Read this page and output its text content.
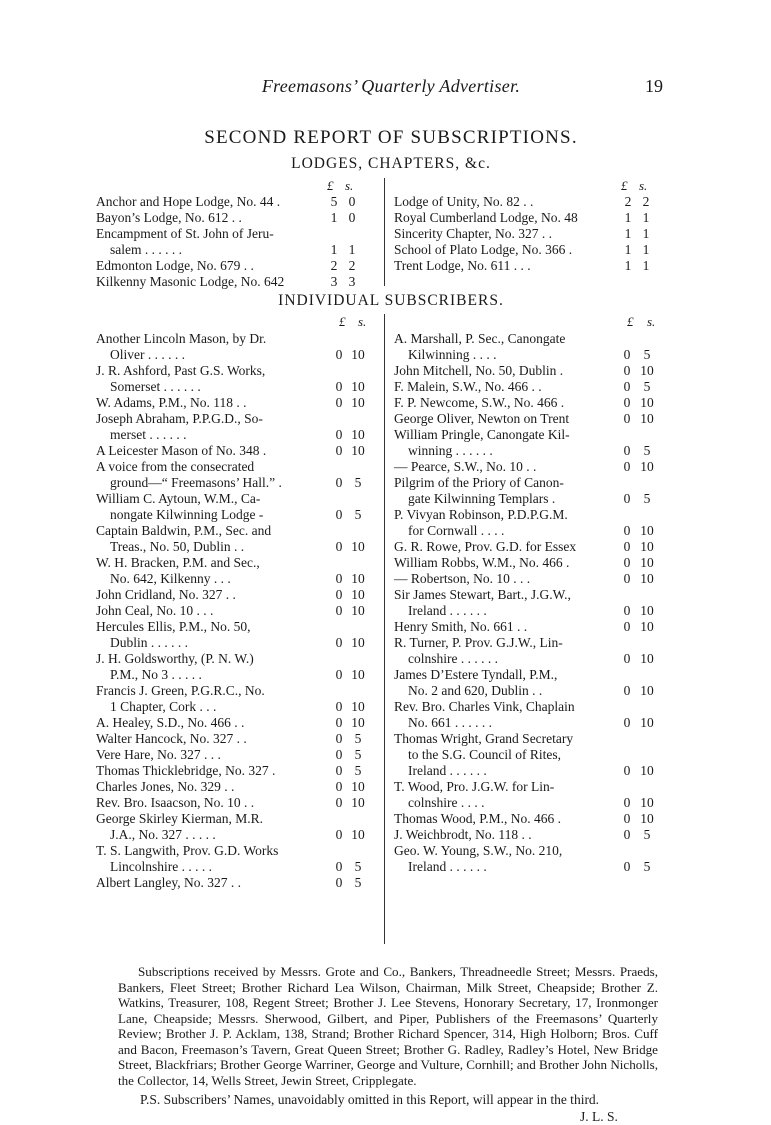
Freemasons’ Quarterly Advertiser.	19
SECOND REPORT OF SUBSCRIPTIONS.
LODGES, CHAPTERS, &c.
£ s.	£ s.
Anchor and Hope Lodge, No. 44 .	5 0
Bayon’s Lodge, No. 612 . .	1 0
Encampment of St. John of Jeru-
salem . . . . . .	1 1
Edmonton Lodge, No. 679 . .	2 2
Kilkenny Masonic Lodge, No. 642	3 3
Lodge of Unity, No. 82 . .	2 2
Royal Cumberland Lodge, No. 48	1 1
Sincerity Chapter, No. 327 . .	1 1
School of Plato Lodge, No. 366 .	1 1
Trent Lodge, No. 611 . . .	1 1
INDIVIDUAL SUBSCRIBERS.
£ s.	£ s.
Another Lincoln Mason, by Dr.
Oliver . . . . . .	0 10
J. R. Ashford, Past G.S. Works,
Somerset . . . . . .	0 10
W. Adams, P.M., No. 118 . .	0 10
Joseph Abraham, P.P.G.D., So-
merset . . . . . .	0 10
A Leicester Mason of No. 348 .	0 10
A voice from the consecrated
ground—“ Freemasons’ Hall.” .	0 5
William C. Aytoun, W.M., Ca-
nongate Kilwinning Lodge -	0 5
Captain Baldwin, P.M., Sec. and
Treas., No. 50, Dublin . .	0 10
W. H. Bracken, P.M. and Sec.,
No. 642, Kilkenny . . .	0 10
John Cridland, No. 327 . .	0 10
John Ceal, No. 10 . . .	0 10
Hercules Ellis, P.M., No. 50,
Dublin . . . . . .	0 10
J. H. Goldsworthy, (P. N. W.)
P.M., No 3 . . . . .	0 10
Francis J. Green, P.G.R.C., No.
1 Chapter, Cork . . .	0 10
A. Healey, S.D., No. 466 . .	0 10
Walter Hancock, No. 327 . .	0 5
Vere Hare, No. 327 . . .	0 5
Thomas Thicklebridge, No. 327 .	0 5
Charles Jones, No. 329 . .	0 10
Rev. Bro. Isaacson, No. 10 . .	0 10
George Skirley Kierman, M.R.
J.A., No. 327 . . . . .	0 10
T. S. Langwith, Prov. G.D. Works
Lincolnshire . . . . .	0 5
Albert Langley, No. 327 . .	0 5
A. Marshall, P. Sec., Canongate
Kilwinning . . . .	0 5
John Mitchell, No. 50, Dublin .	0 10
F. Malein, S.W., No. 466 . .	0 5
F. P. Newcome, S.W., No. 466 .	0 10
George Oliver, Newton on Trent	0 10
William Pringle, Canongate Kil-
winning . . . . . .	0 5
— Pearce, S.W., No. 10 . .	0 10
Pilgrim of the Priory of Canon-
gate Kilwinning Templars .	0 5
P. Vivyan Robinson, P.D.P.G.M.
for Cornwall . . . .	0 10
G. R. Rowe, Prov. G.D. for Essex	0 10
William Robbs, W.M., No. 466 .	0 10
— Robertson, No. 10 . . .	0 10
Sir James Stewart, Bart., J.G.W.,
Ireland . . . . . .	0 10
Henry Smith, No. 661 . .	0 10
R. Turner, P. Prov. G.J.W., Lin-
colnshire . . . . . .	0 10
James D’Estere Tyndall, P.M.,
No. 2 and 620, Dublin . .	0 10
Rev. Bro. Charles Vink, Chaplain
No. 661 . . . . . .	0 10
Thomas Wright, Grand Secretary
to the S.G. Council of Rites,
Ireland . . . . . .	0 10
T. Wood, Pro. J.G.W. for Lin-
colnshire . . . .	0 10
Thomas Wood, P.M., No. 466 .	0 10
J. Weichbrodt, No. 118 . .	0 5
Geo. W. Young, S.W., No. 210,
Ireland . . . . . .	0 5
Subscriptions received by Messrs. Grote and Co., Bankers, Threadneedle Street; Messrs. Praeds, Bankers, Fleet Street; Brother Richard Lea Wilson, Chairman, Milk Street, Cheapside; Brother Z. Watkins, Treasurer, 108, Regent Street; Brother J. Lee Stevens, Honorary Secretary, 17, Ironmonger Lane, Cheapside; Messrs. Sherwood, Gilbert, and Piper, Publishers of the Freemasons’ Quarterly Review; Brother J. P. Acklam, 138, Strand; Brother Richard Spencer, 314, High Holborn; Bros. Cuff and Bacon, Freemason’s Tavern, Great Queen Street; Brother G. Radley, Radley’s Hotel, New Bridge Street, Blackfriars; Brother George Warriner, George and Vulture, Cornhill; and Brother John Nicholls, the Collector, 14, Wells Street, Jewin Street, Cripplegate.
P.S. Subscribers’ Names, unavoidably omitted in this Report, will appear in the third.
J. L. S.
